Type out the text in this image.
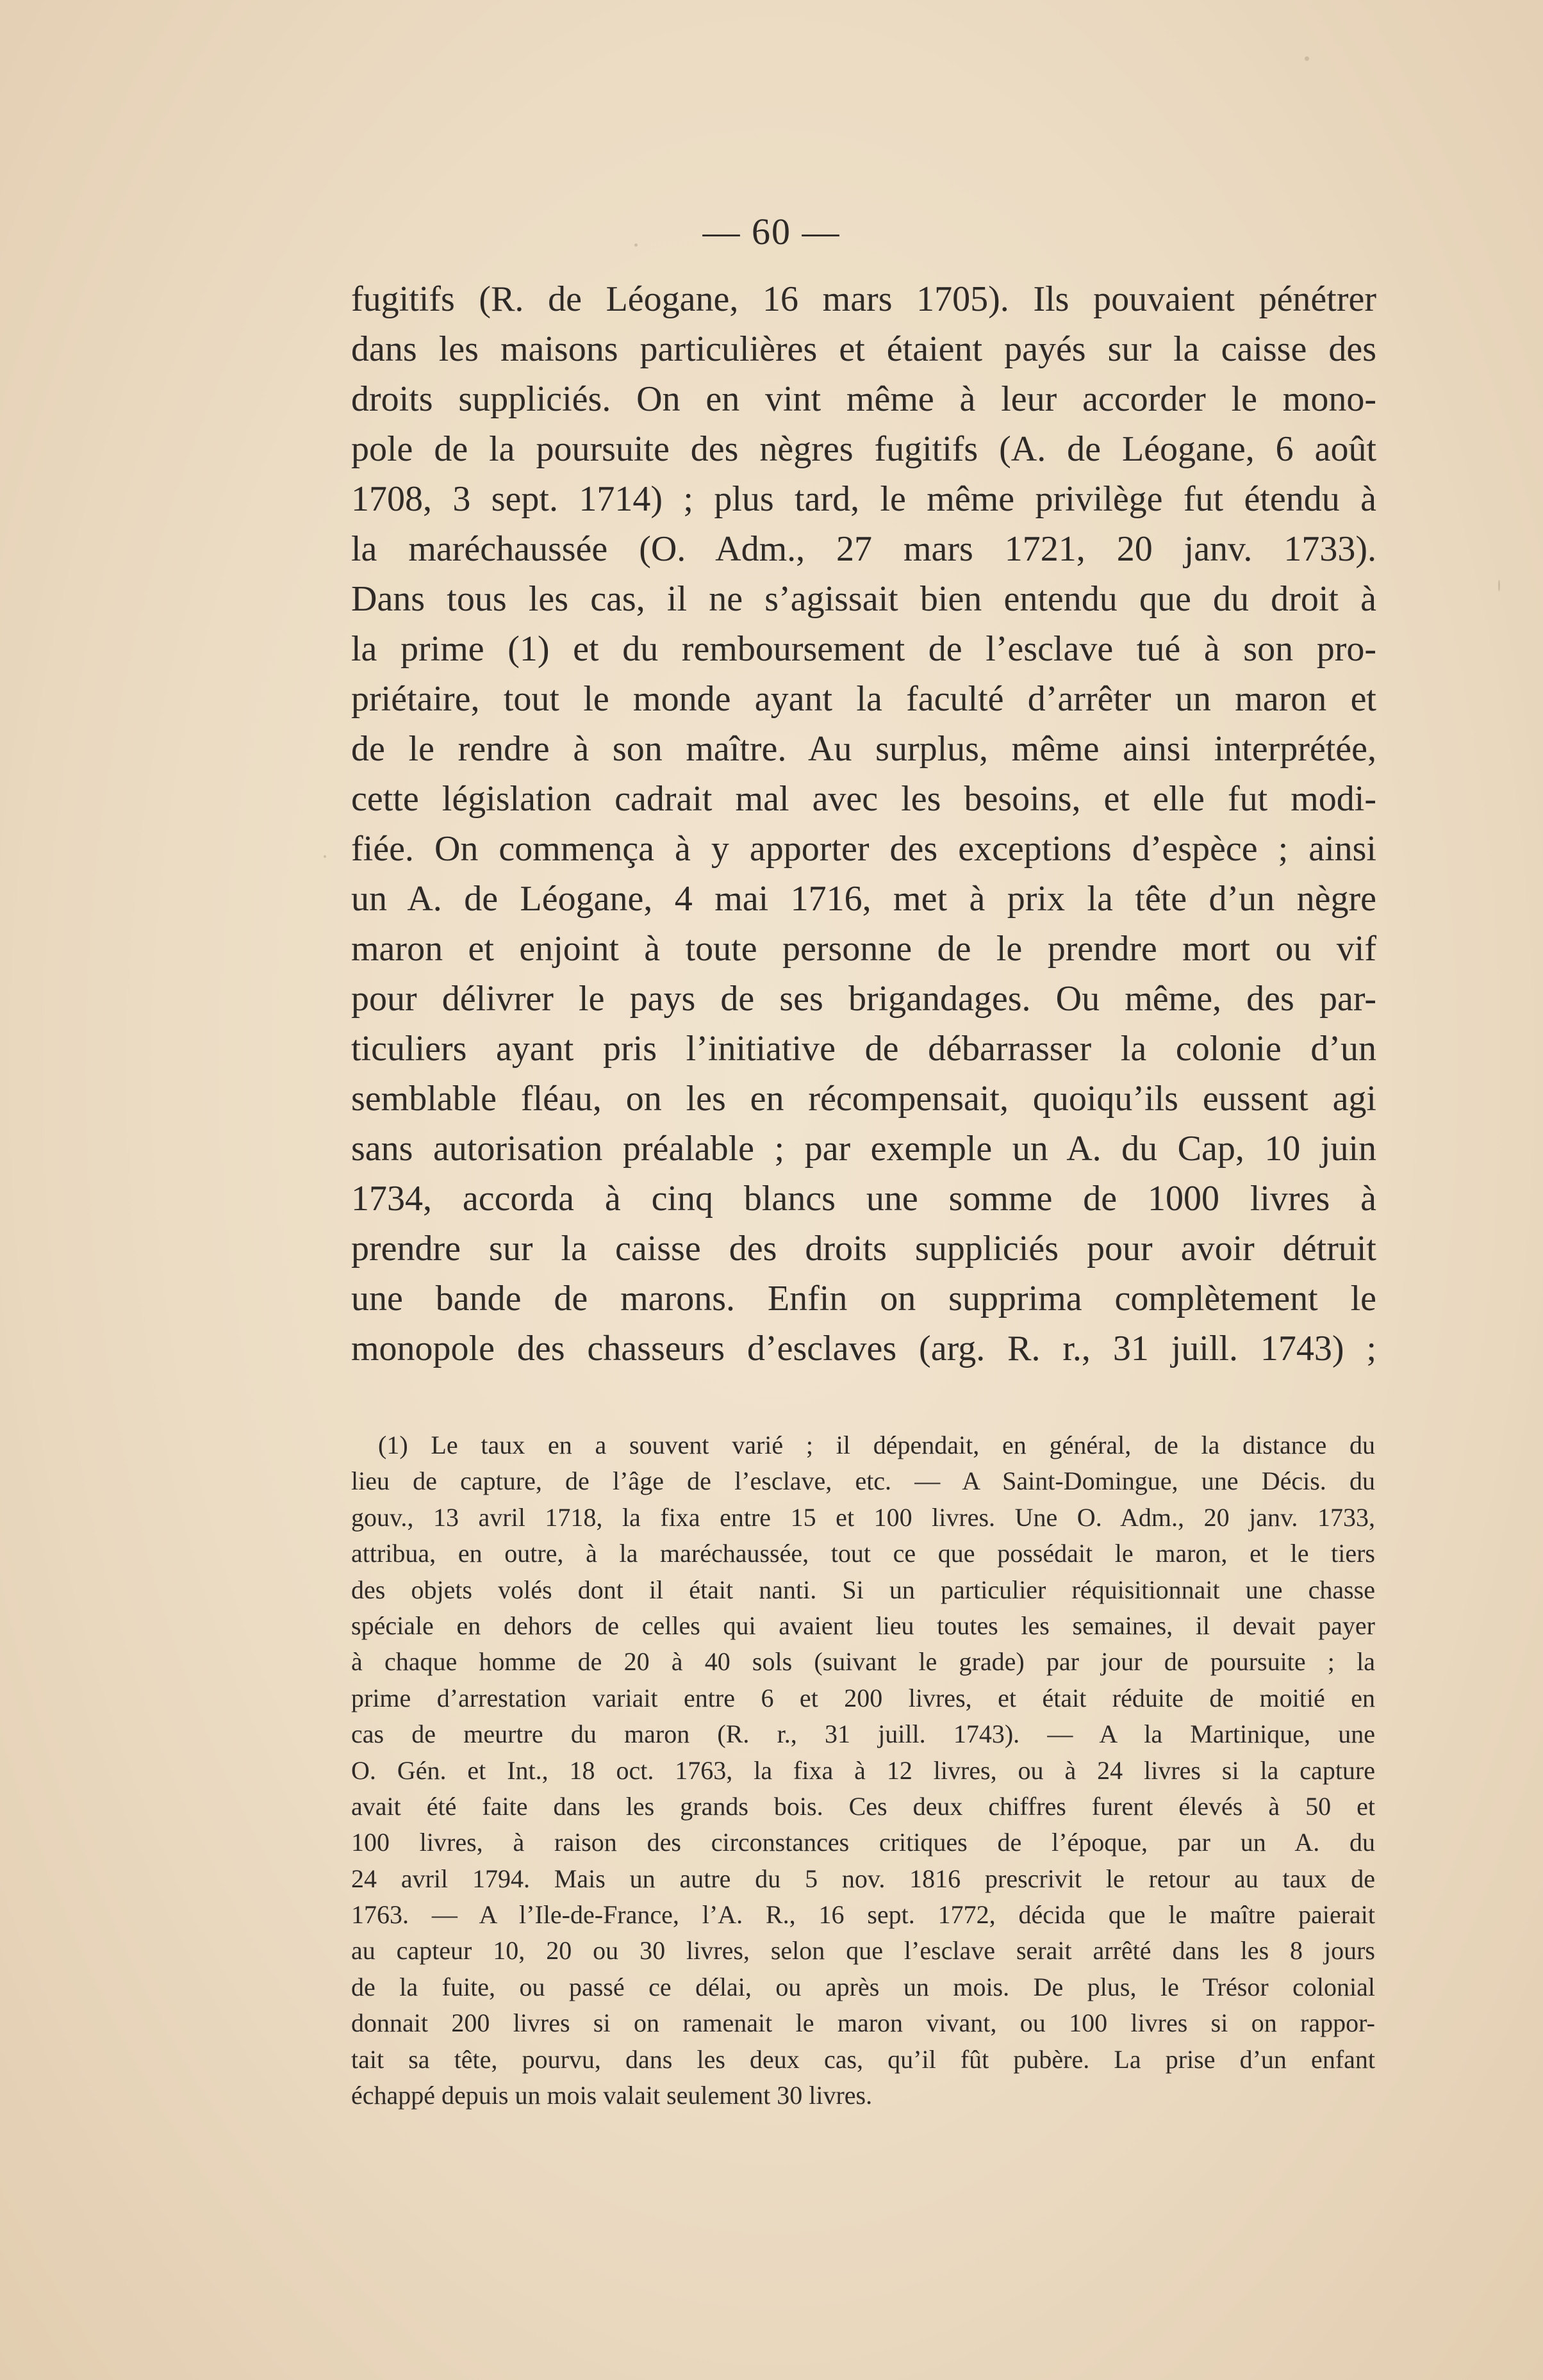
— 60 —
fugitifs (R. de Léogane, 16 mars 1705). Ils pouvaient pénétrer
dans les maisons particulières et étaient payés sur la caisse des
droits suppliciés. On en vint même à leur accorder le mono-
pole de la poursuite des nègres fugitifs (A. de Léogane, 6 août
1708, 3 sept. 1714) ; plus tard, le même privilège fut étendu à
la maréchaussée (O. Adm., 27 mars 1721, 20 janv. 1733).
Dans tous les cas, il ne s’agissait bien entendu que du droit à
la prime (1) et du remboursement de l’esclave tué à son pro-
priétaire, tout le monde ayant la faculté d’arrêter un maron et
de le rendre à son maître. Au surplus, même ainsi interprétée,
cette législation cadrait mal avec les besoins, et elle fut modi-
fiée. On commença à y apporter des exceptions d’espèce ; ainsi
un A. de Léogane, 4 mai 1716, met à prix la tête d’un nègre
maron et enjoint à toute personne de le prendre mort ou vif
pour délivrer le pays de ses brigandages. Ou même, des par-
ticuliers ayant pris l’initiative de débarrasser la colonie d’un
semblable fléau, on les en récompensait, quoiqu’ils eussent agi
sans autorisation préalable ; par exemple un A. du Cap, 10 juin
1734, accorda à cinq blancs une somme de 1000 livres à
prendre sur la caisse des droits suppliciés pour avoir détruit
une bande de marons. Enfin on supprima complètement le
monopole des chasseurs d’esclaves (arg. R. r., 31 juill. 1743) ;
(1) Le taux en a souvent varié ; il dépendait, en général, de la distance du
lieu de capture, de l’âge de l’esclave, etc. — A Saint-Domingue, une Décis. du
gouv., 13 avril 1718, la fixa entre 15 et 100 livres. Une O. Adm., 20 janv. 1733,
attribua, en outre, à la maréchaussée, tout ce que possédait le maron, et le tiers
des objets volés dont il était nanti. Si un particulier réquisitionnait une chasse
spéciale en dehors de celles qui avaient lieu toutes les semaines, il devait payer
à chaque homme de 20 à 40 sols (suivant le grade) par jour de poursuite ; la
prime d’arrestation variait entre 6 et 200 livres, et était réduite de moitié en
cas de meurtre du maron (R. r., 31 juill. 1743). — A la Martinique, une
O. Gén. et Int., 18 oct. 1763, la fixa à 12 livres, ou à 24 livres si la capture
avait été faite dans les grands bois. Ces deux chiffres furent élevés à 50 et
100 livres, à raison des circonstances critiques de l’époque, par un A. du
24 avril 1794. Mais un autre du 5 nov. 1816 prescrivit le retour au taux de
1763. — A l’Ile-de-France, l’A. R., 16 sept. 1772, décida que le maître paierait
au capteur 10, 20 ou 30 livres, selon que l’esclave serait arrêté dans les 8 jours
de la fuite, ou passé ce délai, ou après un mois. De plus, le Trésor colonial
donnait 200 livres si on ramenait le maron vivant, ou 100 livres si on rappor-
tait sa tête, pourvu, dans les deux cas, qu’il fût pubère. La prise d’un enfant
échappé depuis un mois valait seulement 30 livres.
